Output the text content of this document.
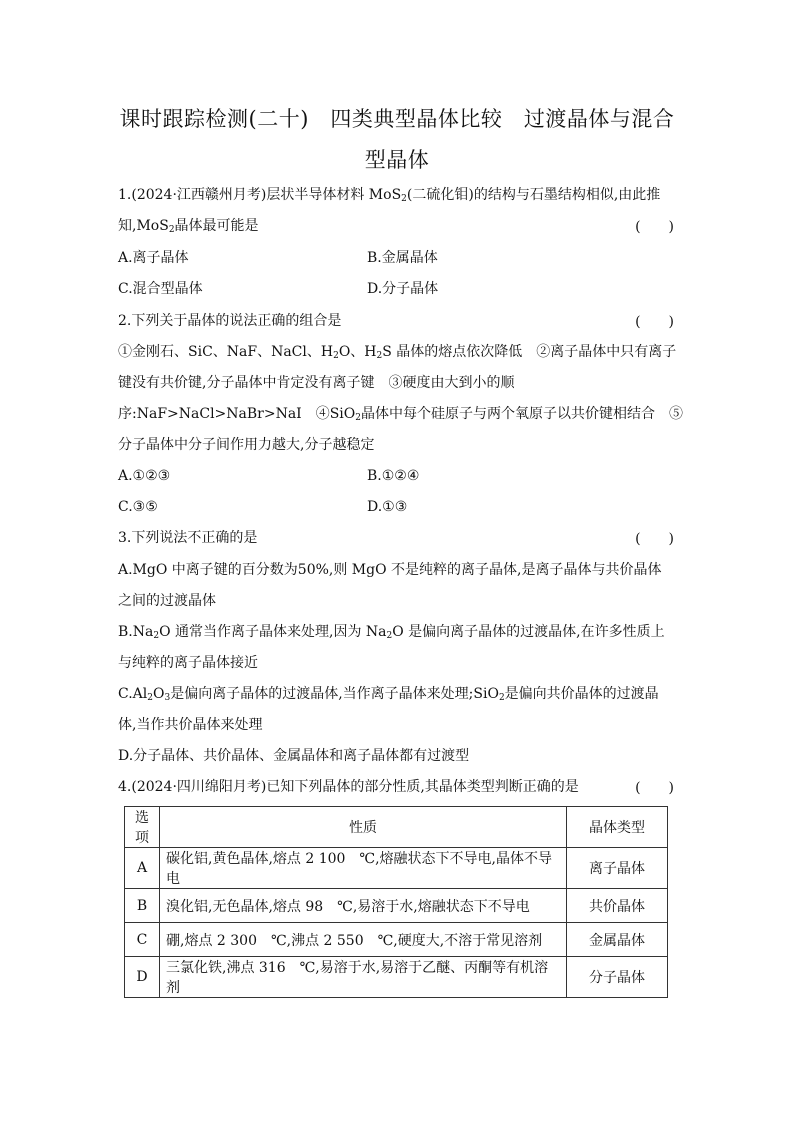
课时跟踪检测(二十)　四类典型晶体比较　过渡晶体与混合
型晶体
1.(2024·江西赣州月考)层状半导体材料 MoS$_2$(二硫化钼)的结构与石墨结构相似,由此推
知,MoS$_2$晶体最可能是	(　　)
A.离子晶体	B.金属晶体
C.混合型晶体	D.分子晶体
2.下列关于晶体的说法正确的组合是	(　　)
①金刚石、SiC、NaF、NaCl、$H_2O$、$H_2S$ 晶体的熔点依次降低　②离子晶体中只有离子
键没有共价键,分子晶体中肯定没有离子键　③硬度由大到小的顺
序:NaF>NaCl>NaBr>NaI　④SiO$_2$晶体中每个硅原子与两个氧原子以共价键相结合　⑤
分子晶体中分子间作用力越大,分子越稳定
A.①②③	B.①②④
C.③⑤	D.①③
3.下列说法不正确的是	(　　)
A.MgO 中离子键的百分数为50%,则 MgO 不是纯粹的离子晶体,是离子晶体与共价晶体
之间的过渡晶体
$B.Na_2O$ 通常当作离子晶体来处理,因为 $Na_2O$ 是偏向离子晶体的过渡晶体,在许多性质上
与纯粹的离子晶体接近
$C.Al_2O_3$是偏向离子晶体的过渡晶体,当作离子晶体来处理;SiO$_2$是偏向共价晶体的过渡晶
体,当作共价晶体来处理
D.分子晶体、共价晶体、金属晶体和离子晶体都有过渡型
4.(2024·四川绵阳月考)已知下列晶体的部分性质,其晶体类型判断正确的是	(　　)
选项	性质	晶体类型
A	碳化铝,黄色晶体,熔点 2 100　℃,熔融状态下不导电,晶体不导电	离子晶体
B	溴化铝,无色晶体,熔点 98　℃,易溶于水,熔融状态下不导电	共价晶体
C	硼,熔点 2 300　℃,沸点 2 550　℃,硬度大,不溶于常见溶剂	金属晶体
D	三氯化铁,沸点 316　℃,易溶于水,易溶于乙醚、丙酮等有机溶剂	分子晶体
